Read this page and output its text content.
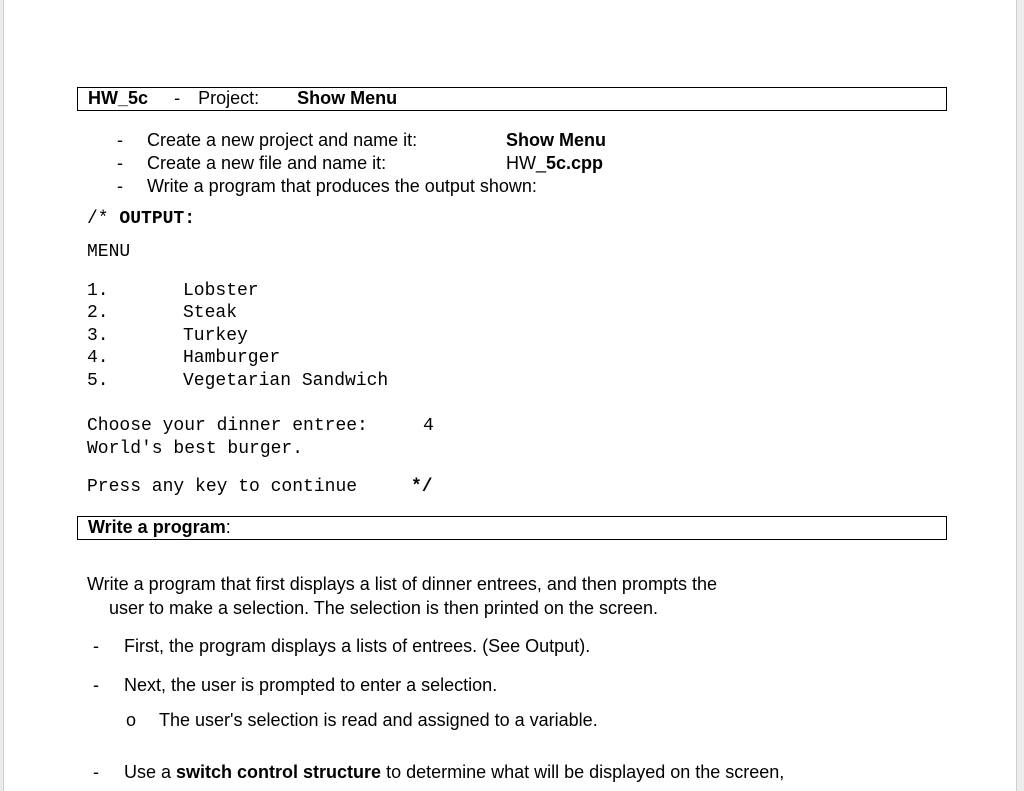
HW_5c - Project: Show Menu
- Create a new project and name it:	Show Menu
- Create a new file and name it:	HW_5c.cpp
- Write a program that produces the output shown:
/* OUTPUT:
MENU
1.	Lobster
2.	Steak
3.	Turkey
4.	Hamburger
5.	Vegetarian Sandwich
Choose your dinner entree:	4
World's best burger.
Press any key to continue	*/
Write a program:
Write a program that first displays a list of dinner entrees, and then prompts the
user to make a selection. The selection is then printed on the screen.
- First, the program displays a lists of entrees. (See Output).
- Next, the user is prompted to enter a selection.
o The user's selection is read and assigned to a variable.
- Use a switch control structure to determine what will be displayed on the screen,
